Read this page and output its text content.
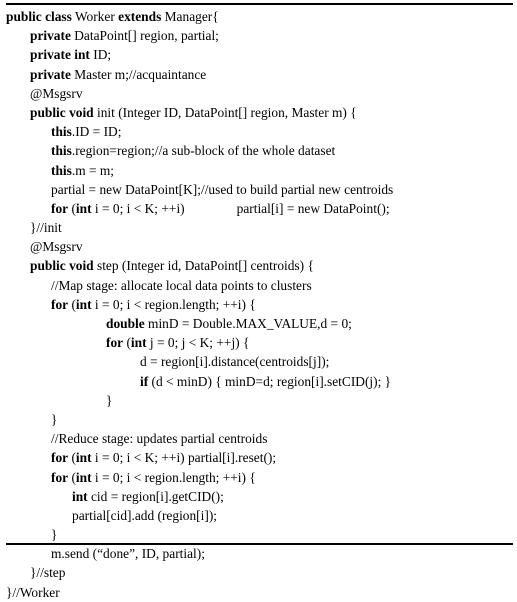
public class Worker extends Manager{
private DataPoint[] region, partial;
private int ID;
private Master m;//acquaintance
@Msgsrv
public void init (Integer ID, DataPoint[] region, Master m) {
this.ID = ID;
this.region=region;//a sub-block of the whole dataset
this.m = m;
partial = new DataPoint[K];//used to build partial new centroids
for (int i = 0; i < K; ++i)	partial[i] = new DataPoint();
}//init
@Msgsrv
public void step (Integer id, DataPoint[] centroids) {
//Map stage: allocate local data points to clusters
for (int i = 0; i < region.length; ++i) {
double minD = Double.MAX_VALUE,d = 0;
for (int j = 0; j < K; ++j) {
d = region[i].distance(centroids[j]);
if (d < minD) { minD=d; region[i].setCID(j); }
}
}
//Reduce stage: updates partial centroids
for (int i = 0; i < K; ++i) partial[i].reset();
for (int i = 0; i < region.length; ++i) {
int cid = region[i].getCID();
partial[cid].add (region[i]);
}
m.send (“done”, ID, partial);
}//step
}//Worker
